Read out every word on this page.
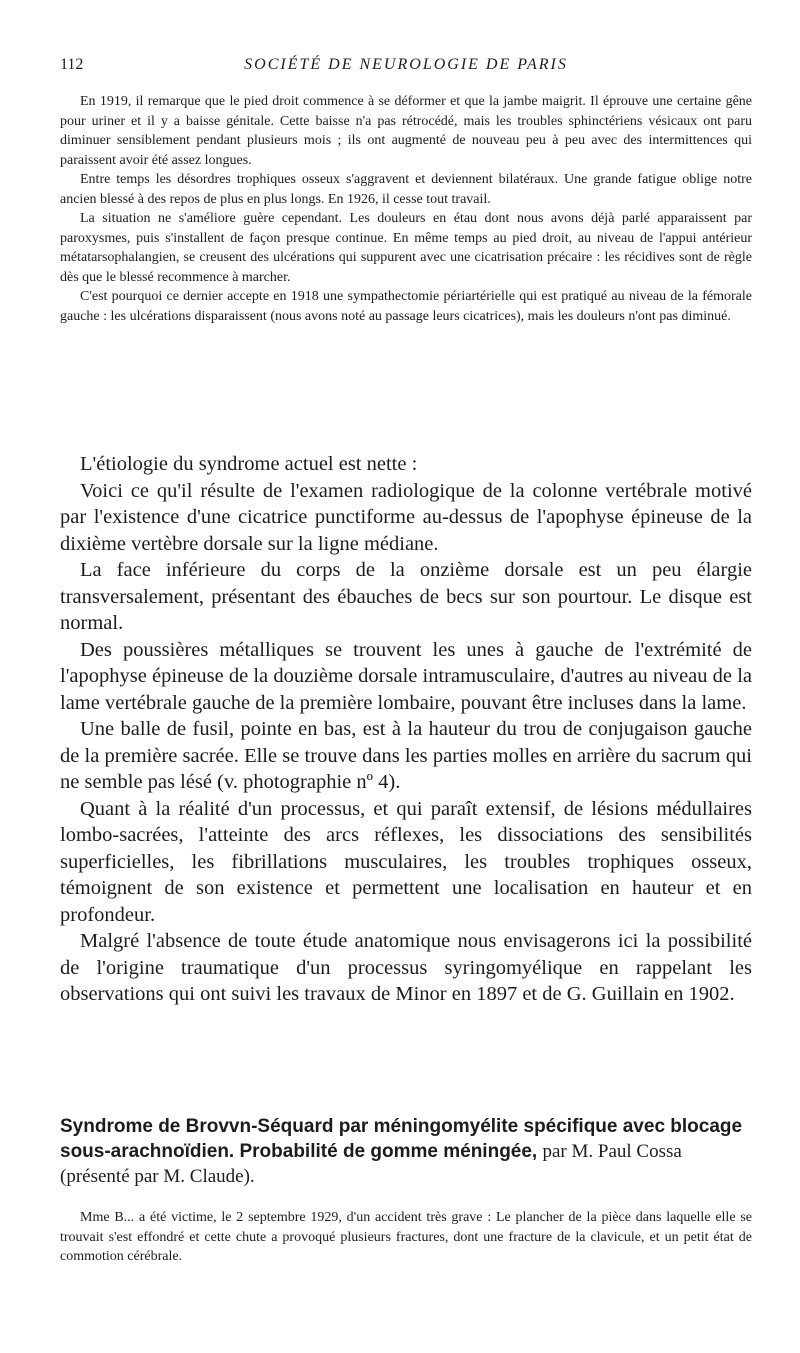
112	SOCIÉTÉ DE NEUROLOGIE DE PARIS

En 1919, il remarque que le pied droit commence à se déformer et que la jambe maigrit. Il éprouve une certaine gêne pour uriner et il y a baisse génitale. Cette baisse n'a pas rétrocédé, mais les troubles sphinctériens vésicaux ont paru diminuer sensiblement pendant plusieurs mois ; ils ont augmenté de nouveau peu à peu avec des intermittences qui paraissent avoir été assez longues.

Entre temps les désordres trophiques osseux s'aggravent et deviennent bilatéraux. Une grande fatigue oblige notre ancien blessé à des repos de plus en plus longs. En 1926, il cesse tout travail.

La situation ne s'améliore guère cependant. Les douleurs en étau dont nous avons déjà parlé apparaissent par paroxysmes, puis s'installent de façon presque continue. En même temps au pied droit, au niveau de l'appui antérieur métatarsophalangien, se creusent des ulcérations qui suppurent avec une cicatrisation précaire : les récidives sont de règle dès que le blessé recommence à marcher.

C'est pourquoi ce dernier accepte en 1918 une sympathectomie périartérielle qui est pratiqué au niveau de la fémorale gauche : les ulcérations disparaissent (nous avons noté au passage leurs cicatrices), mais les douleurs n'ont pas diminué.

L'étiologie du syndrome actuel est nette :

Voici ce qu'il résulte de l'examen radiologique de la colonne vertébrale motivé par l'existence d'une cicatrice punctiforme au-dessus de l'apophyse épineuse de la dixième vertèbre dorsale sur la ligne médiane.

La face inférieure du corps de la onzième dorsale est un peu élargie transversalement, présentant des ébauches de becs sur son pourtour. Le disque est normal.

Des poussières métalliques se trouvent les unes à gauche de l'extrémité de l'apophyse épineuse de la douzième dorsale intramusculaire, d'autres au niveau de la lame vertébrale gauche de la première lombaire, pouvant être incluses dans la lame.

Une balle de fusil, pointe en bas, est à la hauteur du trou de conjugaison gauche de la première sacrée. Elle se trouve dans les parties molles en arrière du sacrum qui ne semble pas lésé (v. photographie nº 4).

Quant à la réalité d'un processus, et qui paraît extensif, de lésions médullaires lombo-sacrées, l'atteinte des arcs réflexes, les dissociations des sensibilités superficielles, les fibrillations musculaires, les troubles trophiques osseux, témoignent de son existence et permettent une localisation en hauteur et en profondeur.

Malgré l'absence de toute étude anatomique nous envisagerons ici la possibilité de l'origine traumatique d'un processus syringomyélique en rappelant les observations qui ont suivi les travaux de Minor en 1897 et de G. Guillain en 1902.

Syndrome de Brovvn-Séquard par méningomyélite spécifique avec blocage sous-arachnoïdien. Probabilité de gomme méningée, par M. Paul Cossa (présenté par M. Claude).

Mme B... a été victime, le 2 septembre 1929, d'un accident très grave : Le plancher de la pièce dans laquelle elle se trouvait s'est effondré et cette chute a provoqué plusieurs fractures, dont une fracture de la clavicule, et un petit état de commotion cérébrale.
